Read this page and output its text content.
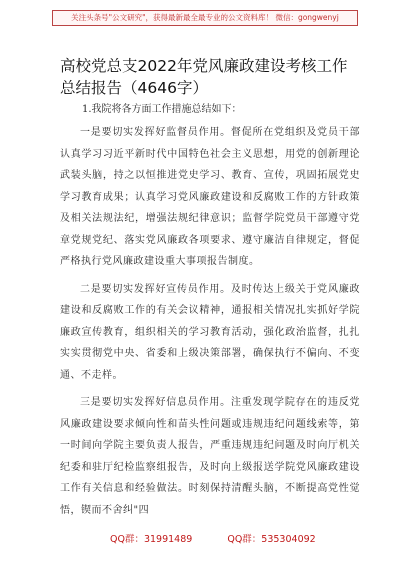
关注头条号"公文研究"，获得最新最全最专业的公文资料库！ 微信：gongwenyj
高校党总支2022年党风廉政建设考核工作总结报告（4646字）

1.我院将各方面工作措施总结如下：

一是要切实发挥好监督员作用。督促所在党组织及党员干部认真学习习近平新时代中国特色社会主义思想，用党的创新理论武装头脑，持之以恒推进党史学习、教育、宣传，巩固拓展党史学习教育成果；认真学习党风廉政建设和反腐败工作的方针政策及相关法规法纪，增强法规纪律意识；监督学院党员干部遵守党章党规党纪、落实党风廉政各项要求、遵守廉洁自律规定，督促严格执行党风廉政建设重大事项报告制度。

二是要切实发挥好宣传员作用。及时传达上级关于党风廉政建设和反腐败工作的有关会议精神，通报相关情况扎实抓好学院廉政宣传教育，组织相关的学习教育活动，强化政治监督，扎扎实实贯彻党中央、省委和上级决策部署，确保执行不偏向、不变通、不走样。

三是要切实发挥好信息员作用。注重发现学院存在的违反党风廉政建设要求倾向性和苗头性问题或违规违纪问题线索等，第一时间向学院主要负责人报告，严重违规违纪问题及时向厅机关纪委和驻厅纪检监察组报告，及时向上级报送学院党风廉政建设工作有关信息和经验做法。时刻保持清醒头脑，不断提高党性觉悟，锲而不舍纠"四

QQ群：31991489	QQ群：535304092
